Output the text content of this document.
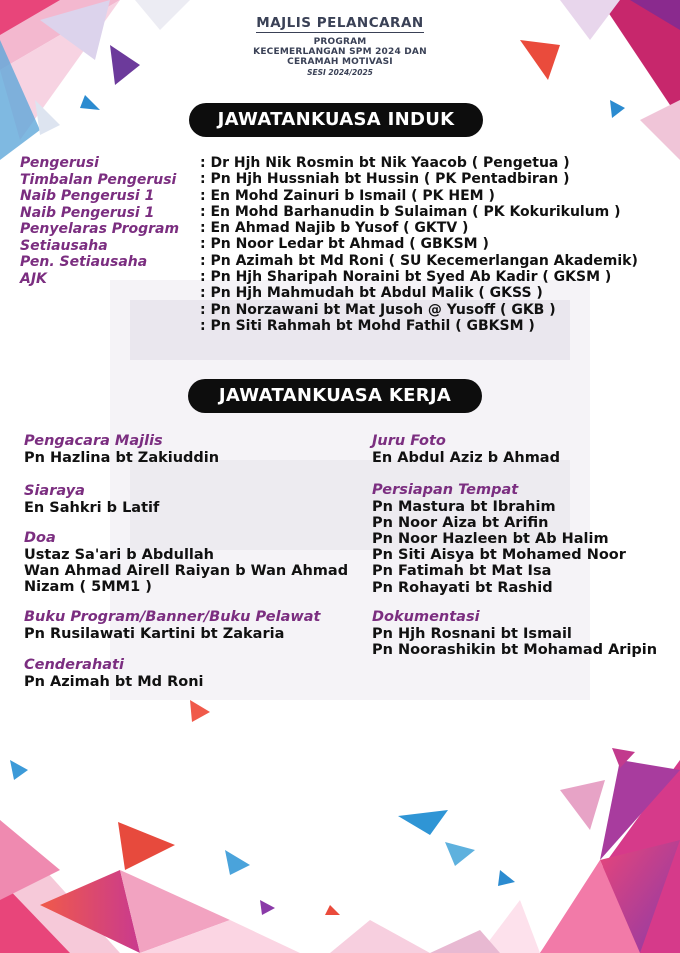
MAJLIS PELANCARAN
PROGRAM
KECEMERLANGAN SPM 2024 DAN
CERAMAH MOTIVASI
SESI 2024/2025
JAWATANKUASA INDUK
Pengerusi
Timbalan Pengerusi
Naib Pengerusi 1
Naib Pengerusi 1
Penyelaras Program
Setiausaha
Pen. Setiausaha
AJK
: Dr Hjh Nik Rosmin bt Nik Yaacob ( Pengetua )
: Pn Hjh Hussniah bt Hussin ( PK Pentadbiran )
: En Mohd Zainuri b Ismail ( PK HEM )
: En Mohd Barhanudin b Sulaiman ( PK Kokurikulum )
: En Ahmad Najib b Yusof ( GKTV )
: Pn Noor Ledar bt Ahmad ( GBKSM )
: Pn Azimah bt Md Roni ( SU Kecemerlangan Akademik)
: Pn Hjh Sharipah Noraini bt Syed Ab Kadir ( GKSM )
: Pn Hjh Mahmudah bt Abdul Malik ( GKSS )
: Pn Norzawani bt Mat Jusoh @ Yusoff ( GKB )
: Pn Siti Rahmah bt Mohd Fathil ( GBKSM )
JAWATANKUASA KERJA
Pengacara Majlis
Pn Hazlina bt Zakiuddin
Siaraya
En Sahkri b Latif
Doa
Ustaz Sa'ari b Abdullah
Wan Ahmad Airell Raiyan b Wan Ahmad
Nizam ( 5MM1 )
Buku Program/Banner/Buku Pelawat
Pn Rusilawati Kartini bt Zakaria
Cenderahati
Pn Azimah bt Md Roni
Juru Foto
En Abdul Aziz b Ahmad
Persiapan Tempat
Pn Mastura bt Ibrahim
Pn Noor Aiza bt Arifin
Pn Noor Hazleen bt Ab Halim
Pn Siti Aisya bt Mohamed Noor
Pn Fatimah bt Mat Isa
Pn Rohayati bt Rashid
Dokumentasi
Pn Hjh Rosnani bt Ismail
Pn Noorashikin bt Mohamad Aripin
